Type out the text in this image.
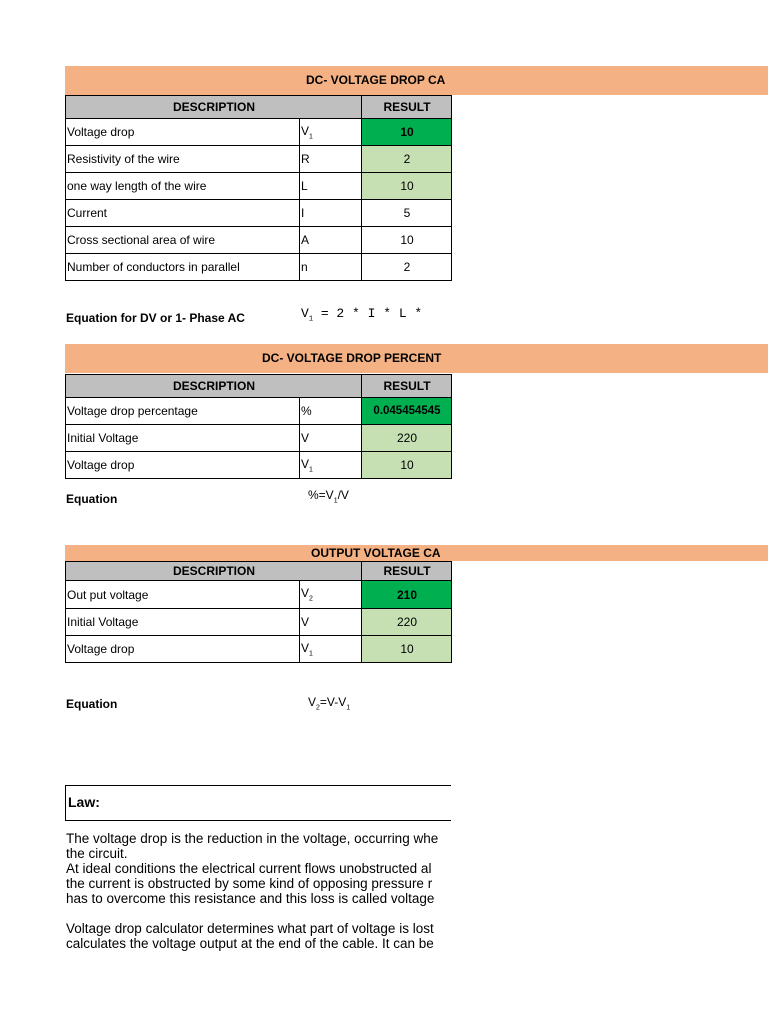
DC- VOLTAGE DROP CA
DESCRIPTION		RESULT
Voltage drop	$V_1$	10
Resistivity of the wire	R	2
one way length of the wire	L	10
Current	I	5
Cross sectional area of wire	A	10
Number of conductors in parallel	n	2
Equation for DV or 1- Phase AC	$V_1 = 2 * I * L$ *
DC- VOLTAGE DROP PERCENT
DESCRIPTION		RESULT
Voltage drop percentage	%	0.045454545
Initial Voltage	V	220
Voltage drop	$V_1$	10
Equation	$\%=V_1/V$
OUTPUT VOLTAGE CA
DESCRIPTION		RESULT
Out put voltage	$V_2$	210
Initial Voltage	V	220
Voltage drop	$V_1$	10
Equation	$V_2=V-V_1$
Law:
The voltage drop is the reduction in the voltage, occurring whe
the circuit.
At ideal conditions the electrical current flows unobstructed al
the current is obstructed by some kind of opposing pressure r
has to overcome this resistance and this loss is called voltage

Voltage drop calculator determines what part of voltage is lost
calculates the voltage output at the end of the cable. It can be
